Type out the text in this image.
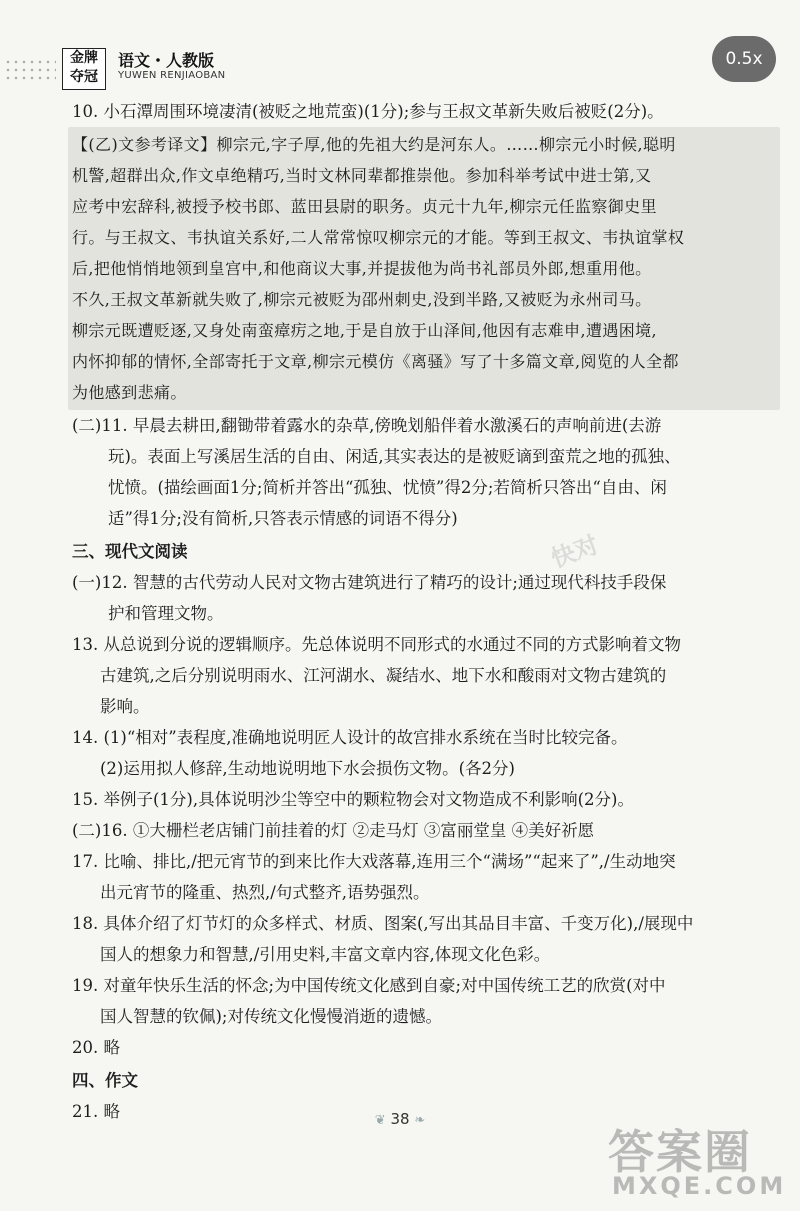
金牌
夺冠
语文・人教版
YUWEN RENJIAOBAN
0.5x
10. 小石潭周围环境凄清(被贬之地荒蛮)(1分);参与王叔文革新失败后被贬(2分)。
【(乙)文参考译文】柳宗元,字子厚,他的先祖大约是河东人。……柳宗元小时候,聪明
机警,超群出众,作文卓绝精巧,当时文林同辈都推崇他。参加科举考试中进士第,又
应考中宏辞科,被授予校书郎、蓝田县尉的职务。贞元十九年,柳宗元任监察御史里
行。与王叔文、韦执谊关系好,二人常常惊叹柳宗元的才能。等到王叔文、韦执谊掌权
后,把他悄悄地领到皇宫中,和他商议大事,并提拔他为尚书礼部员外郎,想重用他。
不久,王叔文革新就失败了,柳宗元被贬为邵州刺史,没到半路,又被贬为永州司马。
柳宗元既遭贬逐,又身处南蛮瘴疠之地,于是自放于山泽间,他因有志难申,遭遇困境,
内怀抑郁的情怀,全部寄托于文章,柳宗元模仿《离骚》写了十多篇文章,阅览的人全都
为他感到悲痛。
(二)11. 早晨去耕田,翻锄带着露水的杂草,傍晚划船伴着水激溪石的声响前进(去游
玩)。表面上写溪居生活的自由、闲适,其实表达的是被贬谪到蛮荒之地的孤独、
忧愤。(描绘画面1分;简析并答出“孤独、忧愤”得2分;若简析只答出“自由、闲
适”得1分;没有简析,只答表示情感的词语不得分)
三、现代文阅读
(一)12. 智慧的古代劳动人民对文物古建筑进行了精巧的设计;通过现代科技手段保
护和管理文物。
13. 从总说到分说的逻辑顺序。先总体说明不同形式的水通过不同的方式影响着文物
古建筑,之后分别说明雨水、江河湖水、凝结水、地下水和酸雨对文物古建筑的
影响。
14. (1)“相对”表程度,准确地说明匠人设计的故宫排水系统在当时比较完备。
(2)运用拟人修辞,生动地说明地下水会损伤文物。(各2分)
15. 举例子(1分),具体说明沙尘等空中的颗粒物会对文物造成不利影响(2分)。
(二)16. ①大栅栏老店铺门前挂着的灯 ②走马灯 ③富丽堂皇 ④美好祈愿
17. 比喻、排比,/把元宵节的到来比作大戏落幕,连用三个“满场”“起来了”,/生动地突
出元宵节的隆重、热烈,/句式整齐,语势强烈。
18. 具体介绍了灯节灯的众多样式、材质、图案(,写出其品目丰富、千变万化),/展现中
国人的想象力和智慧,/引用史料,丰富文章内容,体现文化色彩。
19. 对童年快乐生活的怀念;为中国传统文化感到自豪;对中国传统工艺的欣赏(对中
国人智慧的钦佩);对传统文化慢慢消逝的遗憾。
20. 略
四、作文
21. 略	❦ 38 ❧
快对
答案圈
MXQE.COM
